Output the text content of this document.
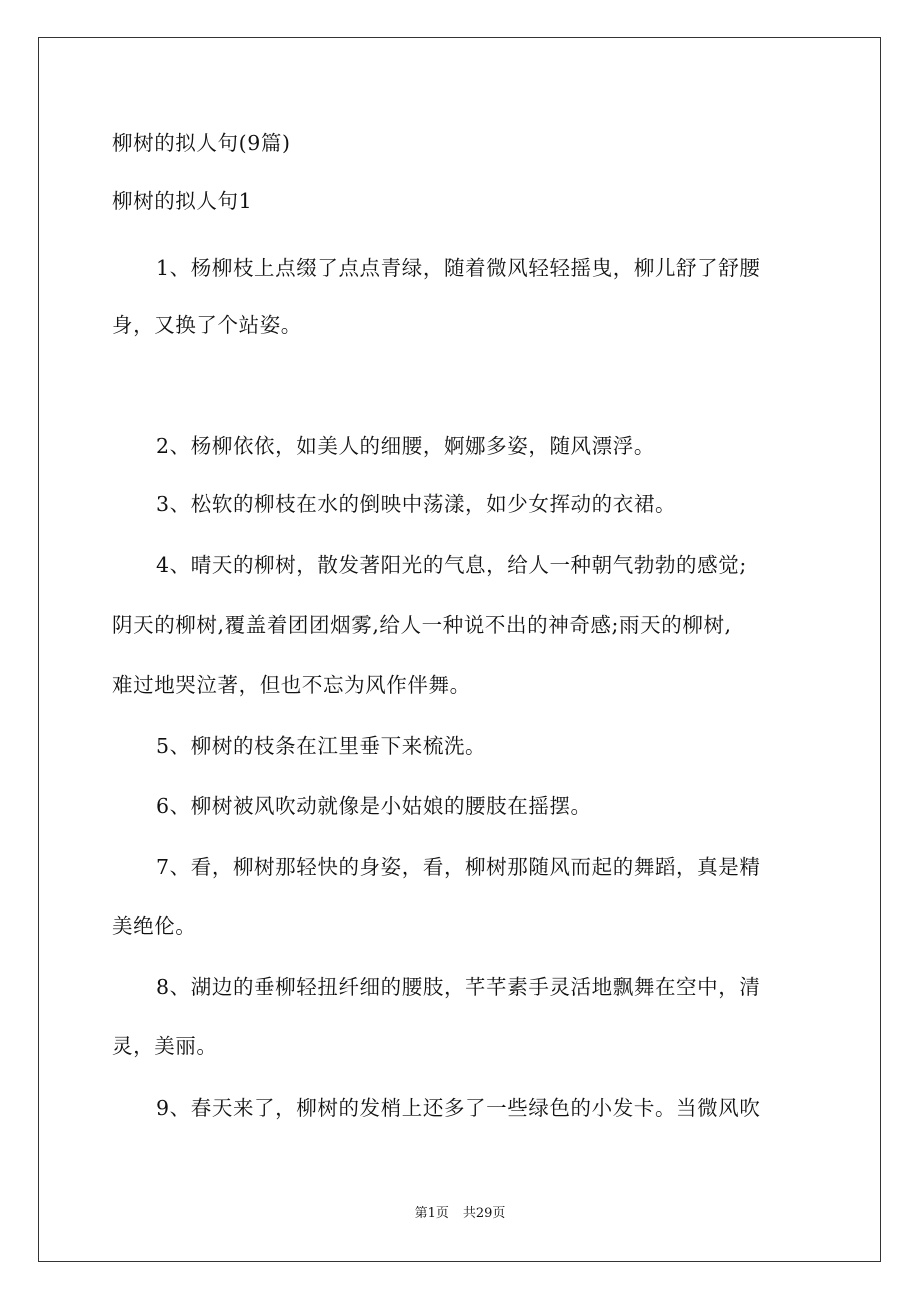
柳树的拟人句(9篇)
柳树的拟人句1
1、杨柳枝上点缀了点点青绿，随着微风轻轻摇曳，柳儿舒了舒腰
身，又换了个站姿。
2、杨柳依依，如美人的细腰，婀娜多姿，随风漂浮。
3、松软的柳枝在水的倒映中荡漾，如少女挥动的衣裙。
4、晴天的柳树，散发著阳光的气息，给人一种朝气勃勃的感觉;
阴天的柳树,覆盖着团团烟雾,给人一种说不出的神奇感;雨天的柳树,
难过地哭泣著，但也不忘为风作伴舞。
5、柳树的枝条在江里垂下来梳洗。
6、柳树被风吹动就像是小姑娘的腰肢在摇摆。
7、看，柳树那轻快的身姿，看，柳树那随风而起的舞蹈，真是精
美绝伦。
8、湖边的垂柳轻扭纤细的腰肢，芊芊素手灵活地飘舞在空中，清
灵，美丽。
9、春天来了，柳树的发梢上还多了一些绿色的小发卡。当微风吹
第1页 共29页
